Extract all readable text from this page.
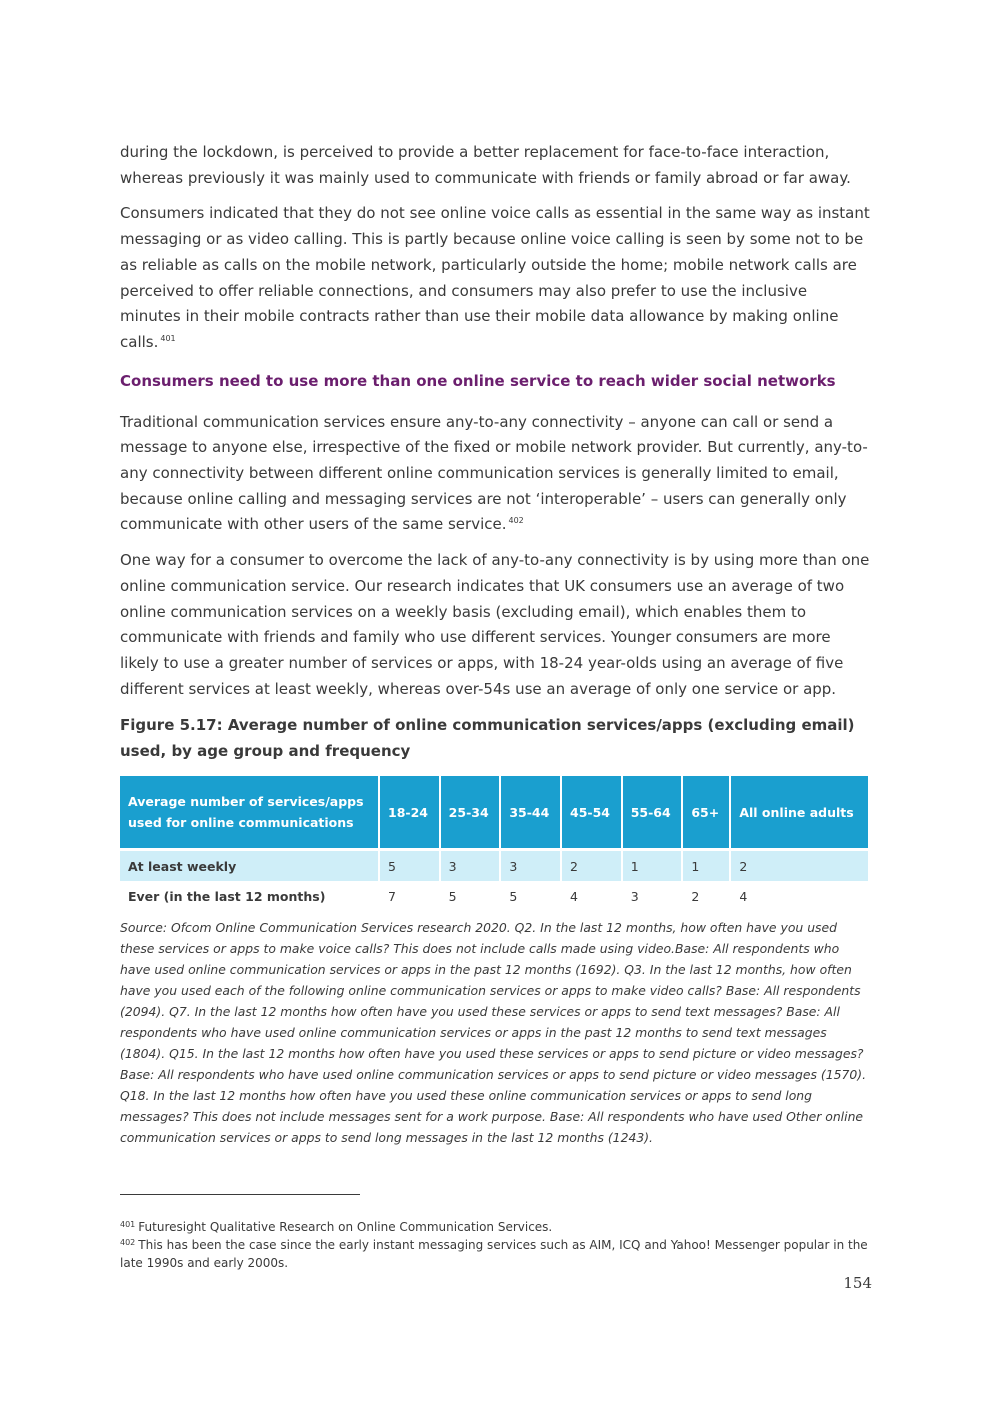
during the lockdown, is perceived to provide a better replacement for face-to-face interaction, whereas previously it was mainly used to communicate with friends or family abroad or far away.

Consumers indicated that they do not see online voice calls as essential in the same way as instant messaging or as video calling. This is partly because online voice calling is seen by some not to be as reliable as calls on the mobile network, particularly outside the home; mobile network calls are perceived to offer reliable connections, and consumers may also prefer to use the inclusive minutes in their mobile contracts rather than use their mobile data allowance by making online calls. $^{401}$

Consumers need to use more than one online service to reach wider social networks

Traditional communication services ensure any-to-any connectivity – anyone can call or send a message to anyone else, irrespective of the fixed or mobile network provider. But currently, any-to-any connectivity between different online communication services is generally limited to email, because online calling and messaging services are not ‘interoperable’ – users can generally only communicate with other users of the same service. $^{402}$

One way for a consumer to overcome the lack of any-to-any connectivity is by using more than one online communication service. Our research indicates that UK consumers use an average of two online communication services on a weekly basis (excluding email), which enables them to communicate with friends and family who use different services. Younger consumers are more likely to use a greater number of services or apps, with 18-24 year-olds using an average of five different services at least weekly, whereas over-54s use an average of only one service or app.

Figure 5.17: Average number of online communication services/apps (excluding email) used, by age group and frequency
Average number of services/apps used for online communications	18-24	25-34	35-44	45-54	55-64	65+	All online adults
At least weekly	5	3	3	2	1	1	2
Ever (in the last 12 months)	7	5	5	4	3	2	4

Source: Ofcom Online Communication Services research 2020. Q2. In the last 12 months, how often have you used these services or apps to make voice calls? This does not include calls made using video.Base: All respondents who have used online communication services or apps in the past 12 months (1692). Q3. In the last 12 months, how often have you used each of the following online communication services or apps to make video calls? Base: All respondents (2094). Q7. In the last 12 months how often have you used these services or apps to send text messages? Base: All respondents who have used online communication services or apps in the past 12 months to send text messages (1804). Q15. In the last 12 months how often have you used these services or apps to send picture or video messages? Base: All respondents who have used online communication services or apps to send picture or video messages (1570). Q18. In the last 12 months how often have you used these online communication services or apps to send long messages? This does not include messages sent for a work purpose. Base: All respondents who have used Other online communication services or apps to send long messages in the last 12 months (1243).

$^{401}$ Futuresight Qualitative Research on Online Communication Services.
$^{402}$ This has been the case since the early instant messaging services such as AIM, ICQ and Yahoo! Messenger popular in the late 1990s and early 2000s.
154
